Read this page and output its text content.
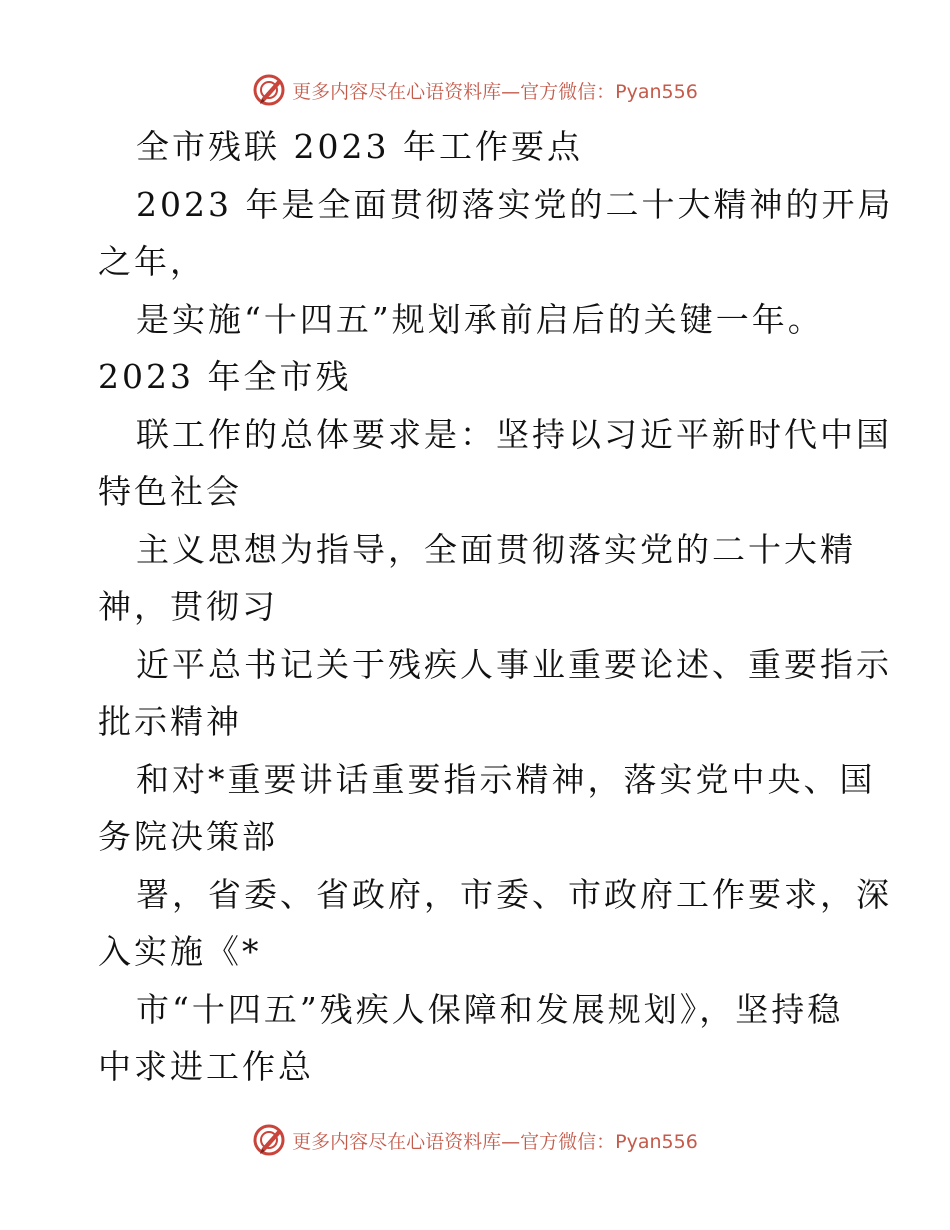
更多内容尽在心语资料库—官方微信：Pyan556
全市残联 2023 年工作要点
2023 年是全面贯彻落实党的二十大精神的开局
之年，
是实施“十四五”规划承前启后的关键一年。
2023 年全市残
联工作的总体要求是：坚持以习近平新时代中国
特色社会
主义思想为指导，全面贯彻落实党的二十大精
神，贯彻习
近平总书记关于残疾人事业重要论述、重要指示
批示精神
和对*重要讲话重要指示精神，落实党中央、国
务院决策部
署，省委、省政府，市委、市政府工作要求，深
入实施《*
市“十四五”残疾人保障和发展规划》，坚持稳
中求进工作总
更多内容尽在心语资料库—官方微信：Pyan556
